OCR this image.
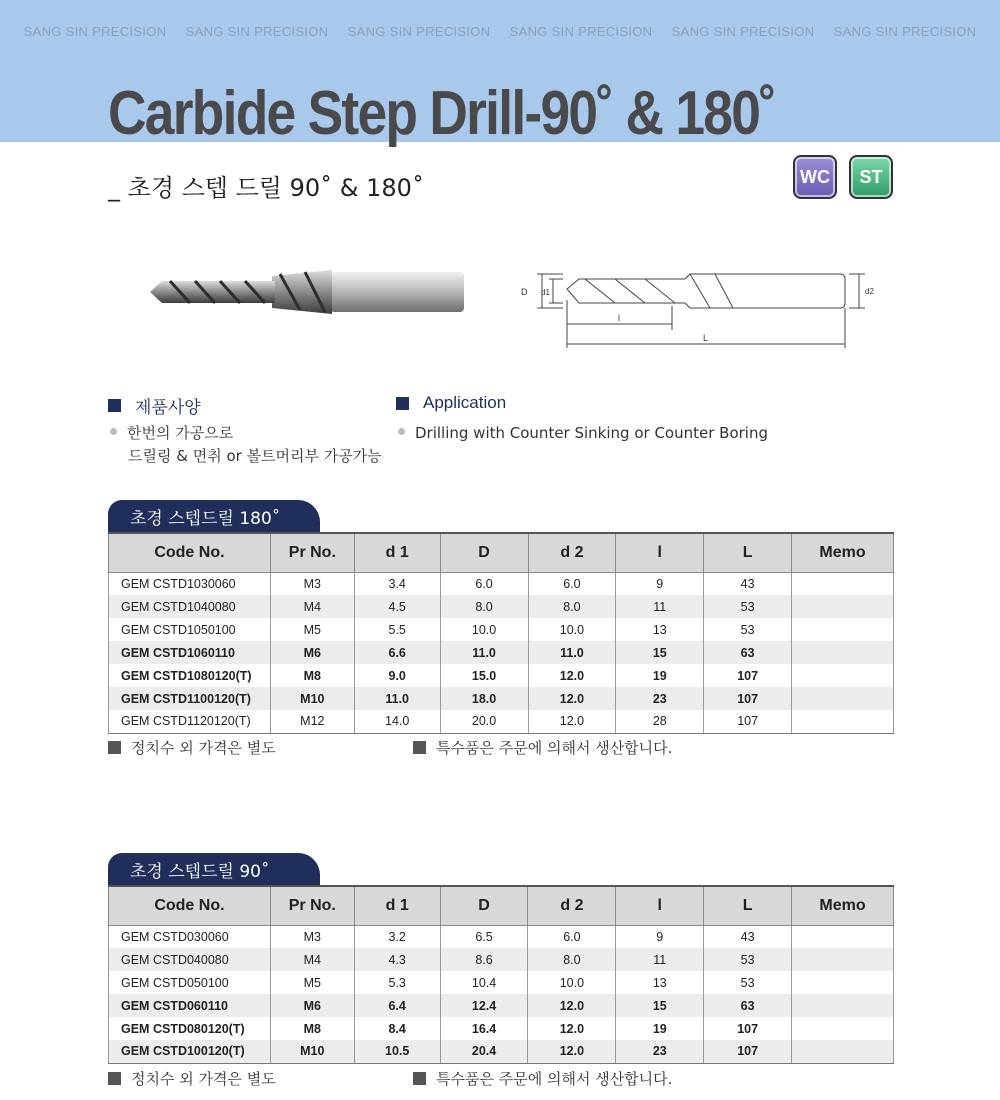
SANG SIN PRECISION SANG SIN PRECISION SANG SIN PRECISION SANG SIN PRECISION SANG SIN PRECISION SANG SIN PRECISION
Carbide Step Drill-90˚ & 180˚
_ 초경 스텝 드릴 90˚ & 180˚	WC	ST
D d1
l
L
d2
제품사양
한번의 가공으로
드릴링 & 면취 or 볼트머리부 가공가능
Application
Drilling with Counter Sinking or Counter Boring
초경 스텝드릴 180˚
Code No.	Pr No.	d 1	D	d 2	l	L	Memo
GEM CSTD1030060	M3	3.4	6.0	6.0	9	43	
GEM CSTD1040080	M4	4.5	8.0	8.0	11	53	
GEM CSTD1050100	M5	5.5	10.0	10.0	13	53	
GEM CSTD1060110	M6	6.6	11.0	11.0	15	63	
GEM CSTD1080120(T)	M8	9.0	15.0	12.0	19	107	
GEM CSTD1100120(T)	M10	11.0	18.0	12.0	23	107	
GEM CSTD1120120(T)	M12	14.0	20.0	12.0	28	107	
정치수 외 가격은 별도	특수품은 주문에 의해서 생산합니다.
초경 스텝드릴 90˚
Code No.	Pr No.	d 1	D	d 2	l	L	Memo
GEM CSTD030060	M3	3.2	6.5	6.0	9	43	
GEM CSTD040080	M4	4.3	8.6	8.0	11	53	
GEM CSTD050100	M5	5.3	10.4	10.0	13	53	
GEM CSTD060110	M6	6.4	12.4	12.0	15	63	
GEM CSTD080120(T)	M8	8.4	16.4	12.0	19	107	
GEM CSTD100120(T)	M10	10.5	20.4	12.0	23	107	
정치수 외 가격은 별도	특수품은 주문에 의해서 생산합니다.
